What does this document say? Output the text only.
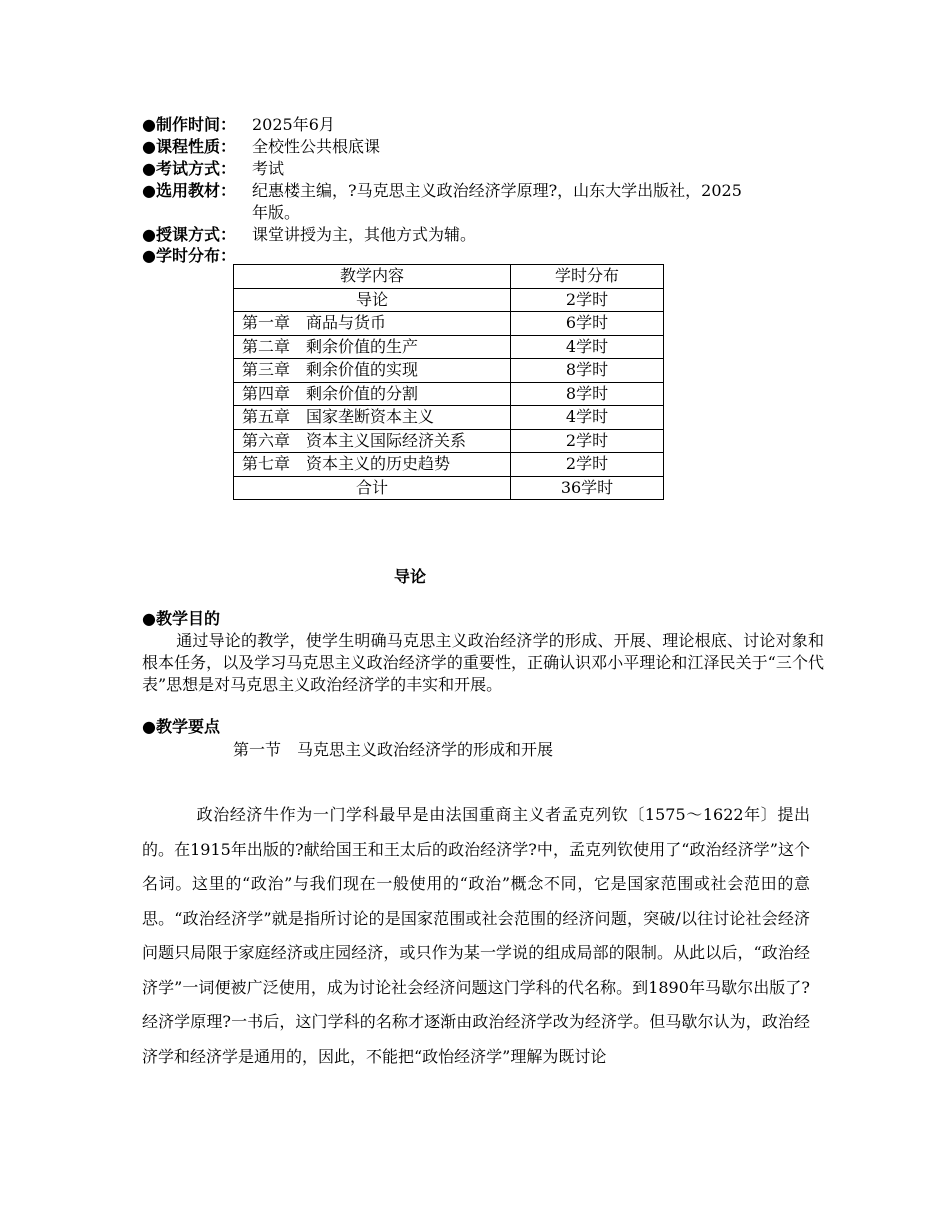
●制作时间： 2025年6月
●课程性质： 全校性公共根底课
●考试方式： 考试
●选用教材： 纪惠楼主编，?马克思主义政治经济学原理?，山东大学出版社，2025
年版。
●授课方式： 课堂讲授为主，其他方式为辅。
●学时分布：
教学内容	学时分布
导论	2学时
第一章　商品与货币	6学时
第二章　剩余价值的生产	4学时
第三章　剩余价值的实现	8学时
第四章　剩余价值的分割	8学时
第五章　国家垄断资本主义	4学时
第六章　资本主义国际经济关系	2学时
第七章　资本主义的历史趋势	2学时
合计	36学时
导论
●教学目的
通过导论的教学，使学生明确马克思主义政治经济学的形成、开展、理论根底、讨论对象和根本任务，以及学习马克思主义政治经济学的重要性，正确认识邓小平理论和江泽民关于“三个代表”思想是对马克思主义政治经济学的丰实和开展。
●教学要点
第一节　马克思主义政治经济学的形成和开展
政治经济牛作为一门学科最早是由法国重商主义者孟克列钦〔1575～1622年〕提出的。在1915年出版的?献给国王和王太后的政治经济学?中，孟克列钦使用了“政治经济学”这个名词。这里的“政治”与我们现在一般使用的“政治”概念不同，它是国家范围或社会范田的意思。“政治经济学”就是指所讨论的是国家范围或社会范围的经济问题，突破/以往讨论社会经济问题只局限于家庭经济或庄园经济，或只作为某一学说的组成局部的限制。从此以后，“政治经济学”一词便被广泛使用，成为讨论社会经济问题这门学科的代名称。到1890年马歇尔出版了?经济学原理?一书后，这门学科的名称才逐渐由政治经济学改为经济学。但马歇尔认为，政治经济学和经济学是通用的，因此，不能把“政怡经济学”理解为既讨论
